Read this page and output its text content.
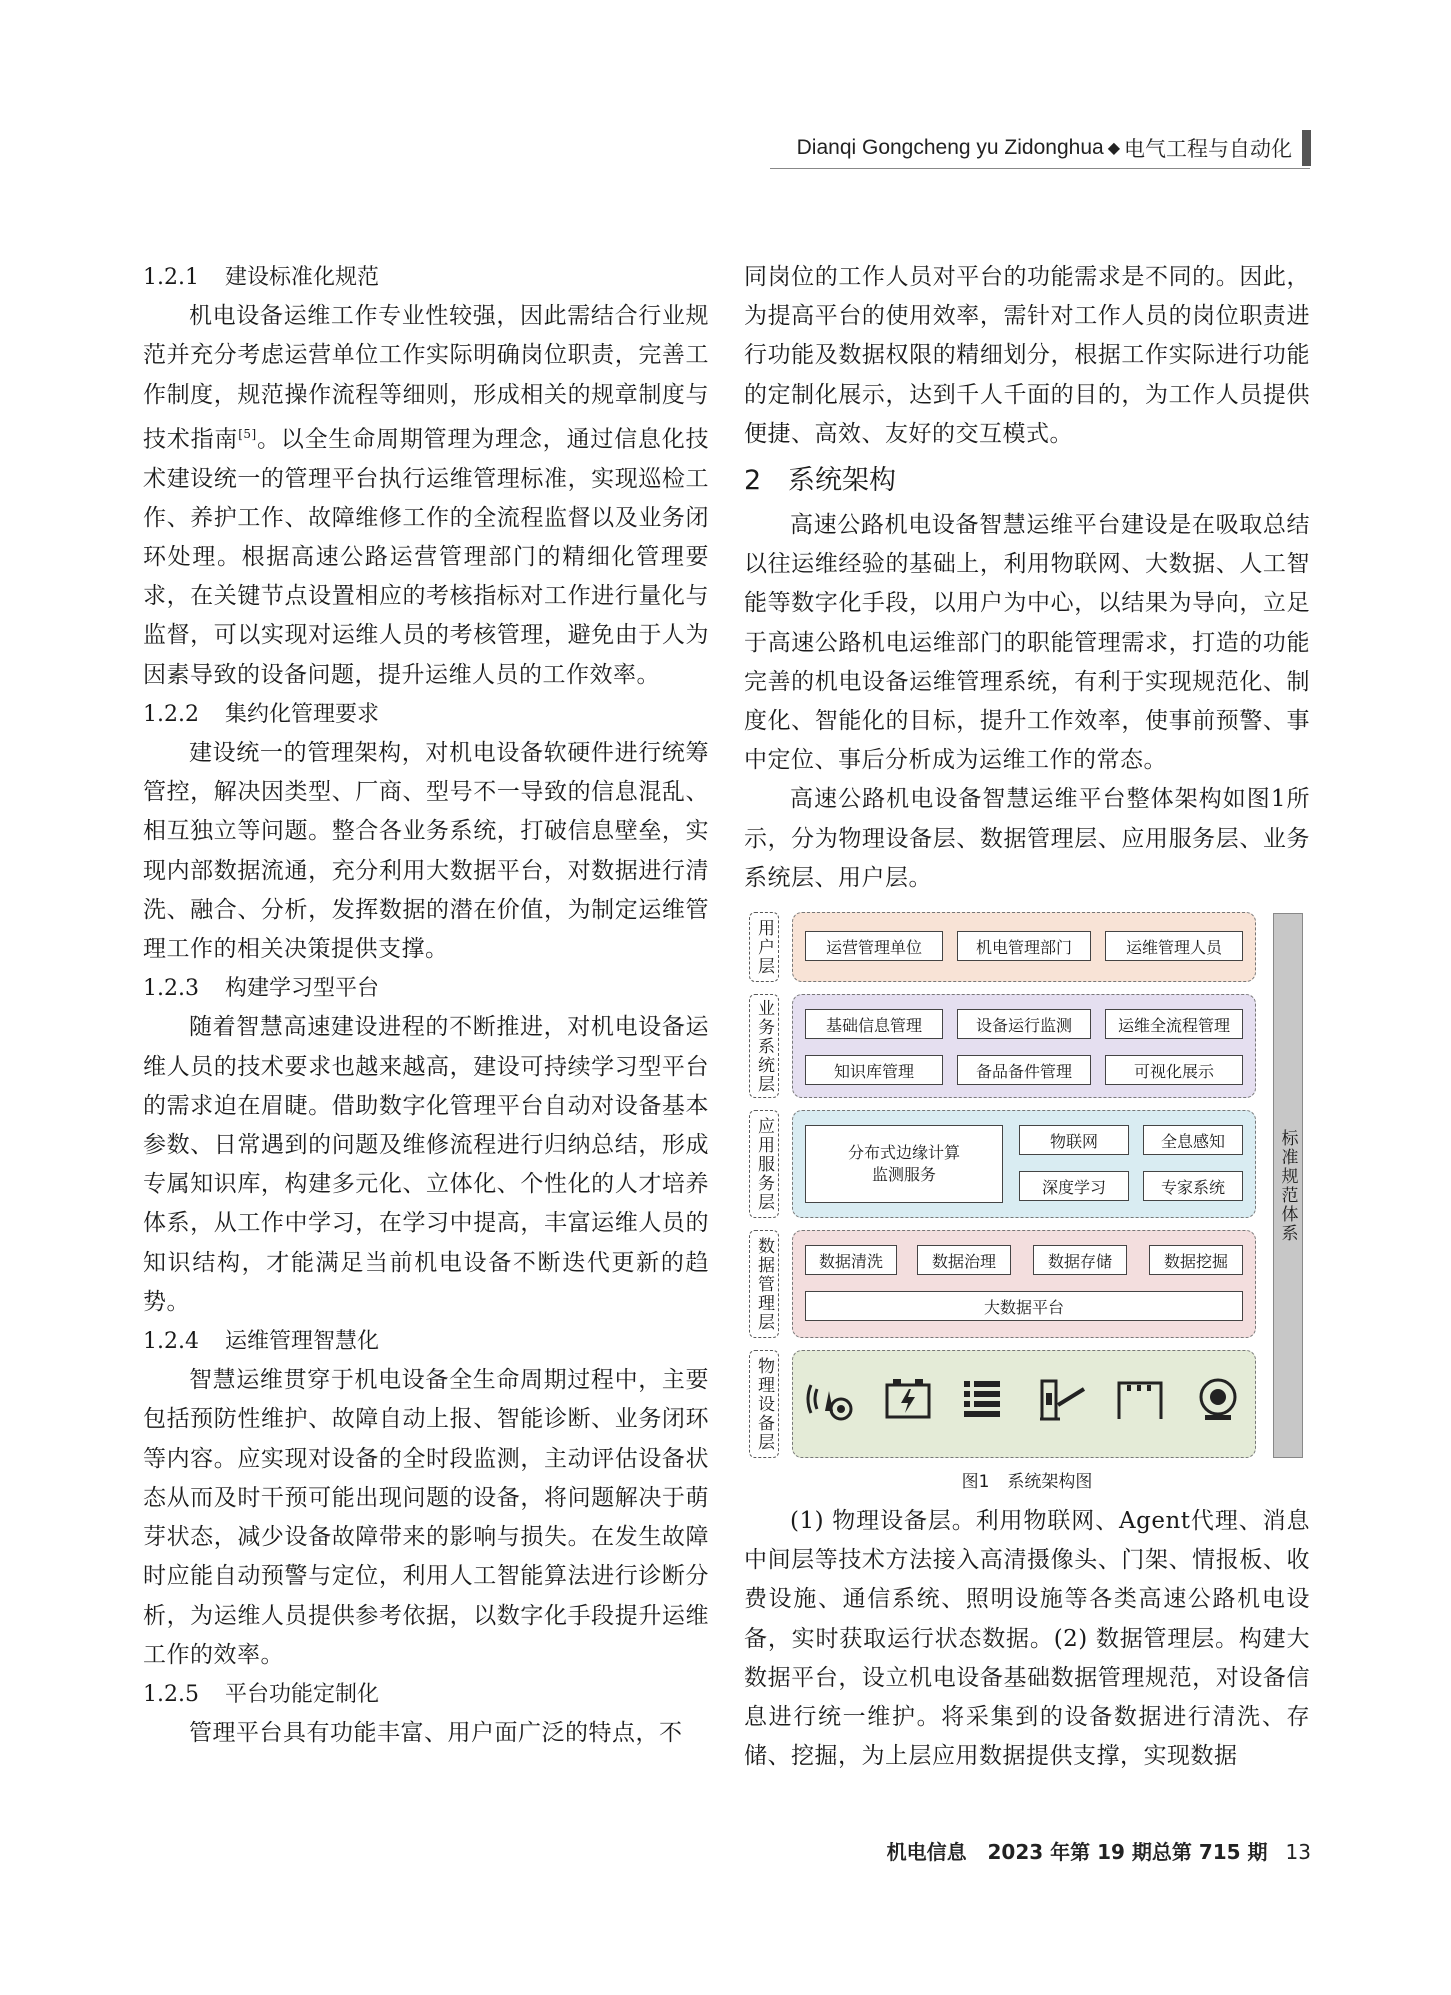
Dianqi Gongcheng yu Zidonghua ◆ 电气工程与自动化
1.2.1 建设标准化规范
机电设备运维工作专业性较强，因此需结合行业规范并充分考虑运营单位工作实际明确岗位职责，完善工作制度，规范操作流程等细则，形成相关的规章制度与技术指南[5]。以全生命周期管理为理念，通过信息化技术建设统一的管理平台执行运维管理标准，实现巡检工作、养护工作、故障维修工作的全流程监督以及业务闭环处理。根据高速公路运营管理部门的精细化管理要求，在关键节点设置相应的考核指标对工作进行量化与监督，可以实现对运维人员的考核管理，避免由于人为因素导致的设备问题，提升运维人员的工作效率。
1.2.2 集约化管理要求
建设统一的管理架构，对机电设备软硬件进行统筹管控，解决因类型、厂商、型号不一导致的信息混乱、相互独立等问题。整合各业务系统，打破信息壁垒，实现内部数据流通，充分利用大数据平台，对数据进行清洗、融合、分析，发挥数据的潜在价值，为制定运维管理工作的相关决策提供支撑。
1.2.3 构建学习型平台
随着智慧高速建设进程的不断推进，对机电设备运维人员的技术要求也越来越高，建设可持续学习型平台的需求迫在眉睫。借助数字化管理平台自动对设备基本参数、日常遇到的问题及维修流程进行归纳总结，形成专属知识库，构建多元化、立体化、个性化的人才培养体系，从工作中学习，在学习中提高，丰富运维人员的知识结构，才能满足当前机电设备不断迭代更新的趋势。
1.2.4 运维管理智慧化
智慧运维贯穿于机电设备全生命周期过程中，主要包括预防性维护、故障自动上报、智能诊断、业务闭环等内容。应实现对设备的全时段监测，主动评估设备状态从而及时干预可能出现问题的设备，将问题解决于萌芽状态，减少设备故障带来的影响与损失。在发生故障时应能自动预警与定位，利用人工智能算法进行诊断分析，为运维人员提供参考依据，以数字化手段提升运维工作的效率。
1.2.5 平台功能定制化
管理平台具有功能丰富、用户面广泛的特点，不
同岗位的工作人员对平台的功能需求是不同的。因此，为提高平台的使用效率，需针对工作人员的岗位职责进行功能及数据权限的精细划分，根据工作实际进行功能的定制化展示，达到千人千面的目的，为工作人员提供便捷、高效、友好的交互模式。
2 系统架构
高速公路机电设备智慧运维平台建设是在吸取总结以往运维经验的基础上，利用物联网、大数据、人工智能等数字化手段，以用户为中心，以结果为导向，立足于高速公路机电运维部门的职能管理需求，打造的功能完善的机电设备运维管理系统，有利于实现规范化、制度化、智能化的目标，提升工作效率，使事前预警、事中定位、事后分析成为运维工作的常态。
高速公路机电设备智慧运维平台整体架构如图1所示，分为物理设备层、数据管理层、应用服务层、业务系统层、用户层。
用户层	运营管理单位	机电管理部门	运维管理人员
业务系统层	基础信息管理	设备运行监测	运维全流程管理
知识库管理	备品备件管理	可视化展示
应用服务层	分布式边缘计算
监测服务
物联网	全息感知
深度学习	专家系统
数据管理层	数据清洗	数据治理	数据存储	数据挖掘
大数据平台
物理设备层
标准规范体系
图1 系统架构图
(1) 物理设备层。利用物联网、Agent代理、消息中间层等技术方法接入高清摄像头、门架、情报板、收费设施、通信系统、照明设施等各类高速公路机电设备，实时获取运行状态数据。(2) 数据管理层。构建大数据平台，设立机电设备基础数据管理规范，对设备信息进行统一维护。将采集到的设备数据进行清洗、存储、挖掘，为上层应用数据提供支撑，实现数据
机电信息 2023 年第 19 期总第 715 期 13
